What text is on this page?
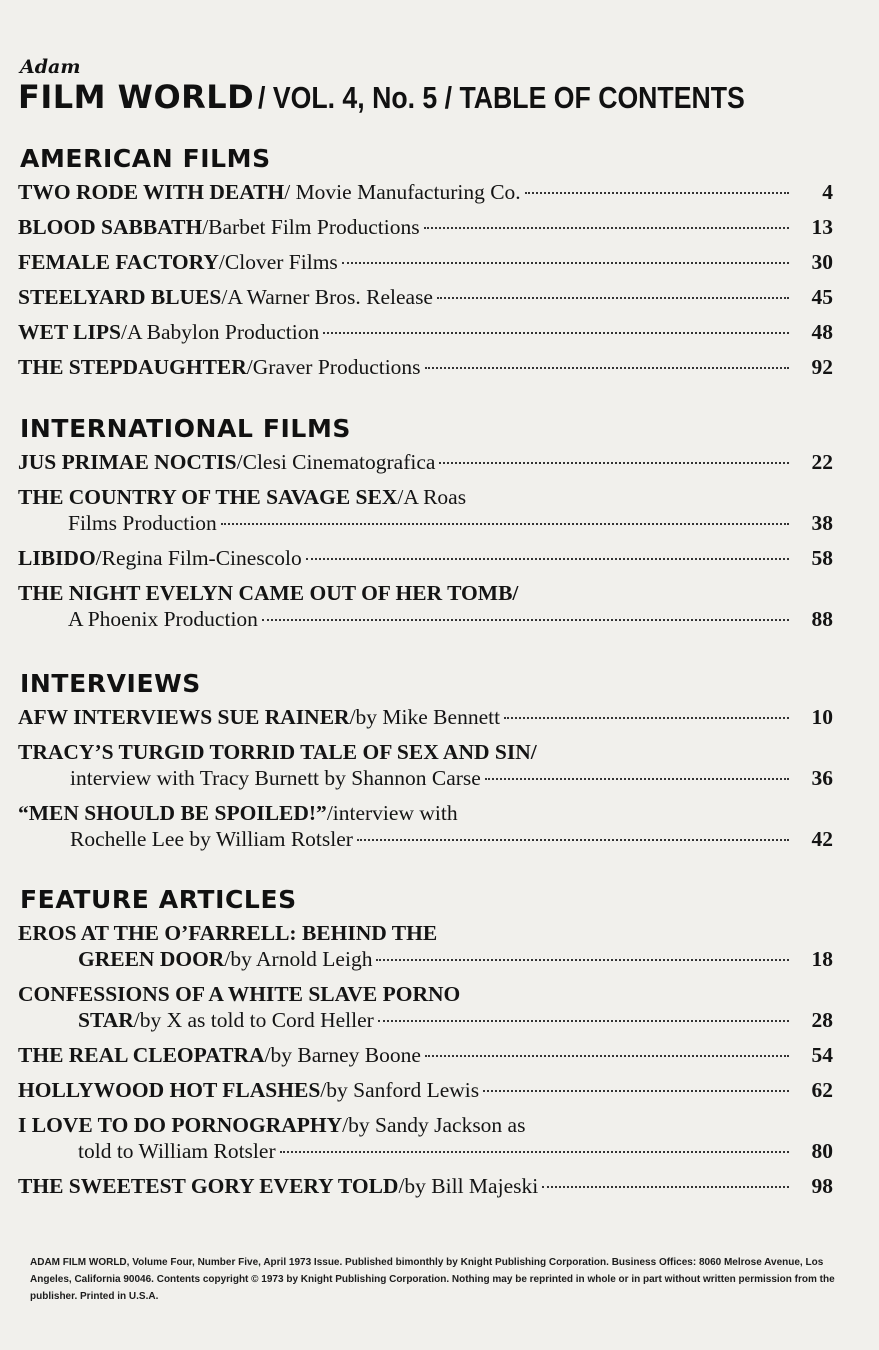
Adam
FILM WORLD / VOL. 4, No. 5 / TABLE OF CONTENTS
AMERICAN FILMS
TWO RODE WITH DEATH / Movie Manufacturing Co.	4
BLOOD SABBATH /Barbet Film Productions	13
FEMALE FACTORY /Clover Films	30
STEELYARD BLUES /A Warner Bros. Release	45
WET LIPS /A Babylon Production	48
THE STEPDAUGHTER /Graver Productions	92
INTERNATIONAL FILMS
JUS PRIMAE NOCTIS /Clesi Cinematografica	22
THE COUNTRY OF THE SAVAGE SEX /A Roas
Films Production	38
LIBIDO /Regina Film-Cinescolo	58
THE NIGHT EVELYN CAME OUT OF HER TOMB/
A Phoenix Production	88
INTERVIEWS
AFW INTERVIEWS SUE RAINER /by Mike Bennett	10
TRACY’S TURGID TORRID TALE OF SEX AND SIN/
interview with Tracy Burnett by Shannon Carse	36
“MEN SHOULD BE SPOILED!” /interview with
Rochelle Lee by William Rotsler	42
FEATURE ARTICLES
EROS AT THE O’FARRELL: BEHIND THE
GREEN DOOR /by Arnold Leigh	18
CONFESSIONS OF A WHITE SLAVE PORNO
STAR /by X as told to Cord Heller	28
THE REAL CLEOPATRA /by Barney Boone	54
HOLLYWOOD HOT FLASHES /by Sanford Lewis	62
I LOVE TO DO PORNOGRAPHY /by Sandy Jackson as
told to William Rotsler	80
THE SWEETEST GORY EVERY TOLD /by Bill Majeski	98
ADAM FILM WORLD, Volume Four, Number Five, April 1973 Issue. Published bimonthly by Knight Publishing Corporation. Business Offices: 8060 Melrose Avenue, Los Angeles, California 90046. Contents copyright © 1973 by Knight Publishing Corporation. Nothing may be reprinted in whole or in part without written permission from the publisher. Printed in U.S.A.
